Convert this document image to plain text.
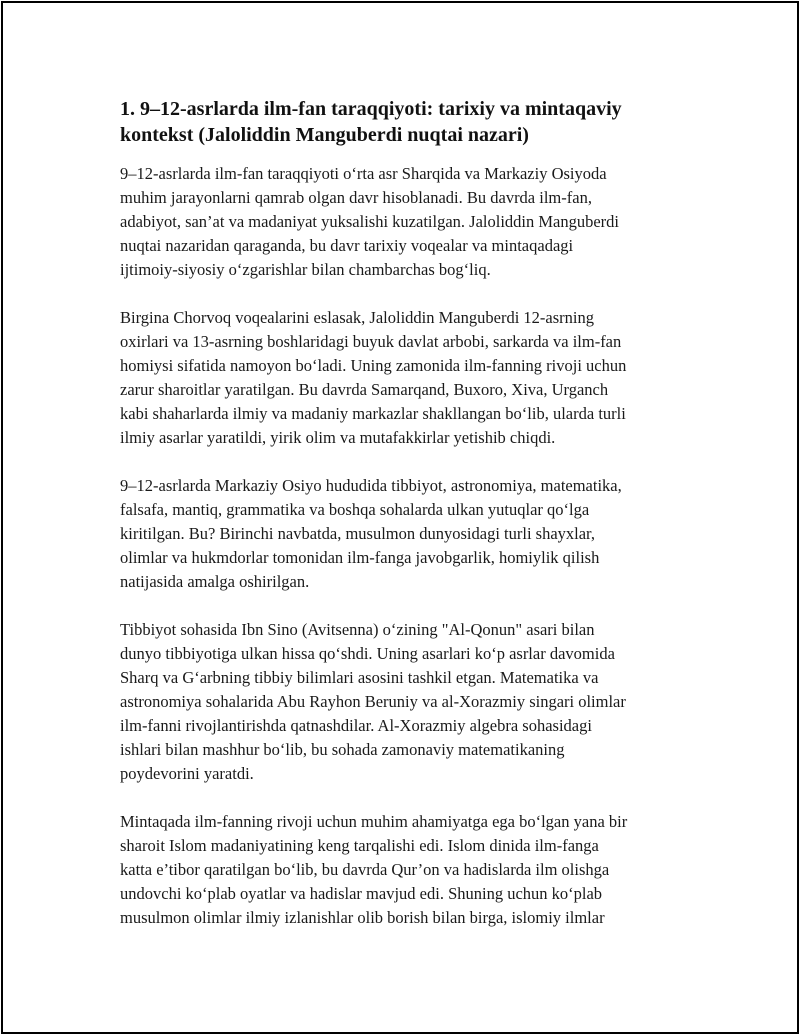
1. 9–12-asrlarda ilm-fan taraqqiyoti: tarixiy va mintaqaviy
kontekst (Jaloliddin Manguberdi nuqtai nazari)

9–12-asrlarda ilm-fan taraqqiyoti o‘rta asr Sharqida va Markaziy Osiyoda
muhim jarayonlarni qamrab olgan davr hisoblanadi. Bu davrda ilm-fan,
adabiyot, san’at va madaniyat yuksalishi kuzatilgan. Jaloliddin Manguberdi
nuqtai nazaridan qaraganda, bu davr tarixiy voqealar va mintaqadagi
ijtimoiy-siyosiy o‘zgarishlar bilan chambarchas bog‘liq.

Birgina Chorvoq voqealarini eslasak, Jaloliddin Manguberdi 12-asrning
oxirlari va 13-asrning boshlaridagi buyuk davlat arbobi, sarkarda va ilm-fan
homiysi sifatida namoyon bo‘ladi. Uning zamonida ilm-fanning rivoji uchun
zarur sharoitlar yaratilgan. Bu davrda Samarqand, Buxoro, Xiva, Urganch
kabi shaharlarda ilmiy va madaniy markazlar shakllangan bo‘lib, ularda turli
ilmiy asarlar yaratildi, yirik olim va mutafakkirlar yetishib chiqdi.

9–12-asrlarda Markaziy Osiyo hududida tibbiyot, astronomiya, matematika,
falsafa, mantiq, grammatika va boshqa sohalarda ulkan yutuqlar qo‘lga
kiritilgan. Bu? Birinchi navbatda, musulmon dunyosidagi turli shayxlar,
olimlar va hukmdorlar tomonidan ilm-fanga javobgarlik, homiylik qilish
natijasida amalga oshirilgan.

Tibbiyot sohasida Ibn Sino (Avitsenna) o‘zining "Al-Qonun" asari bilan
dunyo tibbiyotiga ulkan hissa qo‘shdi. Uning asarlari ko‘p asrlar davomida
Sharq va G‘arbning tibbiy bilimlari asosini tashkil etgan. Matematika va
astronomiya sohalarida Abu Rayhon Beruniy va al-Xorazmiy singari olimlar
ilm-fanni rivojlantirishda qatnashdilar. Al-Xorazmiy algebra sohasidagi
ishlari bilan mashhur bo‘lib, bu sohada zamonaviy matematikaning
poydevorini yaratdi.

Mintaqada ilm-fanning rivoji uchun muhim ahamiyatga ega bo‘lgan yana bir
sharoit Islom madaniyatining keng tarqalishi edi. Islom dinida ilm-fanga
katta e’tibor qaratilgan bo‘lib, bu davrda Qur’on va hadislarda ilm olishga
undovchi ko‘plab oyatlar va hadislar mavjud edi. Shuning uchun ko‘plab
musulmon olimlar ilmiy izlanishlar olib borish bilan birga, islomiy ilmlar
